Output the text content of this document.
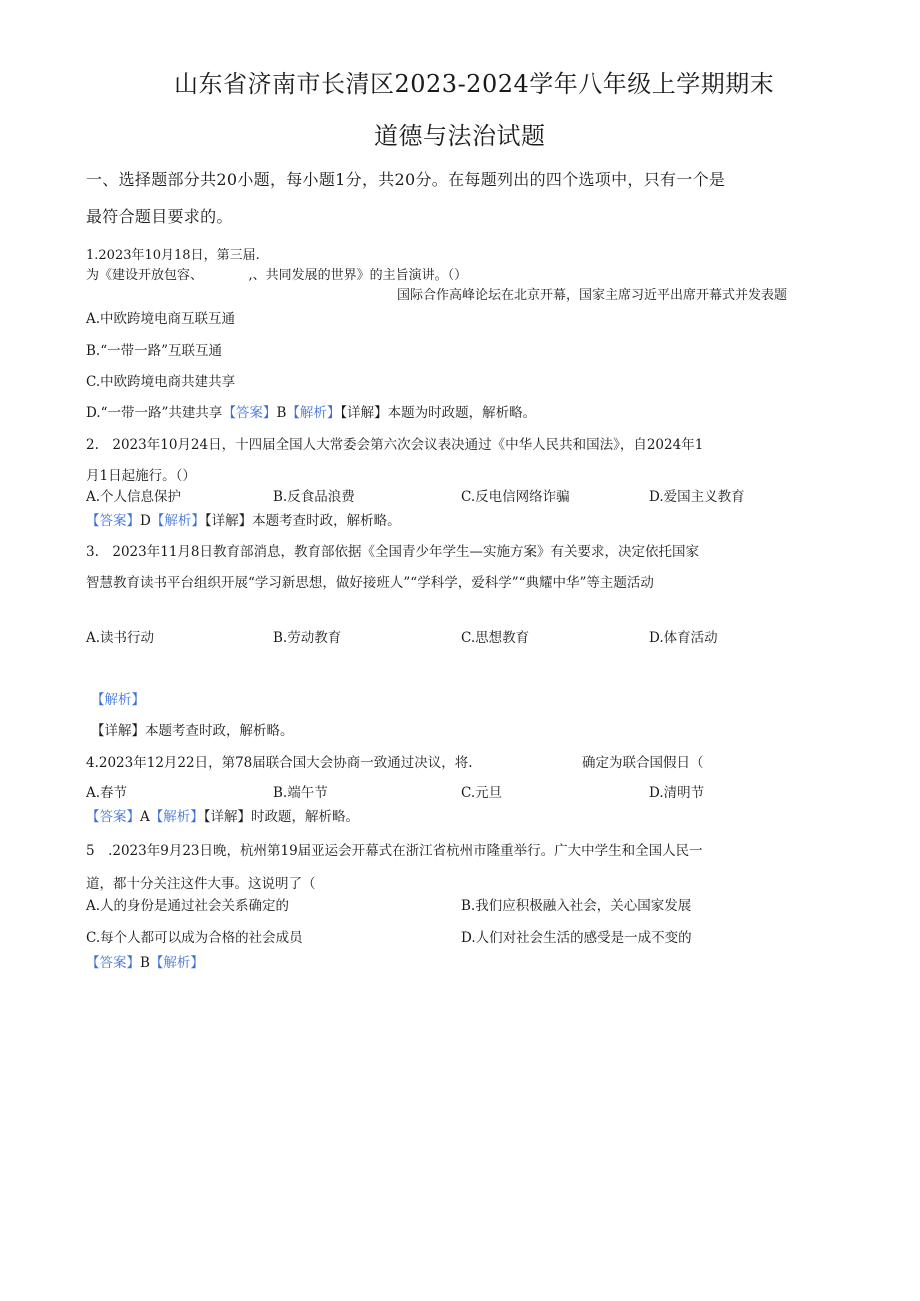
山东省济南市长清区2023-2024学年八年级上学期期末
道德与法治试题
一、选择题部分共20小题，每小题1分，共20分。在每题列出的四个选项中，只有一个是
最符合题目要求的。
1.2023年10月18日，第三届.
为《建设开放包容、　　　　,、共同发展的世界》的主旨演讲。（）
国际合作高峰论坛在北京开幕，国家主席习近平出席开幕式并发表题
A.中欧跨境电商互联互通
B.“一带一路”互联互通
C.中欧跨境电商共建共享
D.“一带一路”共建共享【答案】B【解析】【详解】本题为时政题，解析略。
2.　2023年10月24日，十四届全国人大常委会第六次会议表决通过《中华人民共和国法》，自2024年1
月1日起施行。（）
A.个人信息保护	B.反食品浪费	C.反电信网络诈骗	D.爱国主义教育
【答案】D【解析】【详解】本题考查时政，解析略。
3.　2023年11月8日教育部消息，教育部依据《全国青少年学生—实施方案》有关要求，决定依托国家
智慧教育读书平台组织开展“学习新思想，做好接班人”“学科学，爱科学”“典耀中华”等主题活动
A.读书行动	B.劳动教育	C.思想教育	D.体育活动
【解析】
【详解】本题考查时政，解析略。
4.2023年12月22日，第78届联合国大会协商一致通过决议，将.	确定为联合国假日（
A.春节	B.端午节	C.元旦	D.清明节
【答案】A【解析】【详解】时政题，解析略。
5　.2023年9月23日晚，杭州第19届亚运会开幕式在浙江省杭州市隆重举行。广大中学生和全国人民一
道，都十分关注这件大事。这说明了（
A.人的身份是通过社会关系确定的	B.我们应积极融入社会，关心国家发展
C.每个人都可以成为合格的社会成员	D.人们对社会生活的感受是一成不变的
【答案】B【解析】
